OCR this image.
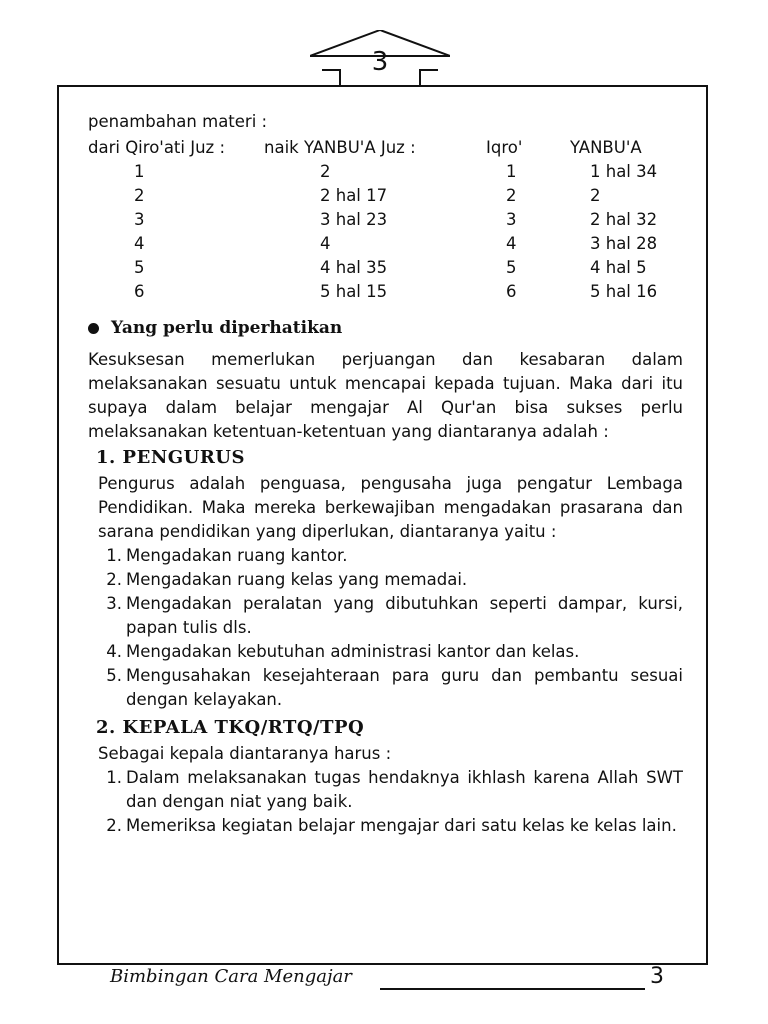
3
penambahan materi :
dari Qiro'ati Juz :	naik YANBU'A Juz :	Iqro'	YANBU'A
1	2	1	1 hal 34
2	2 hal 17	2	2
3	3 hal 23	3	2 hal 32
4	4	4	3 hal 28
5	4 hal 35	5	4 hal 5
6	5 hal 15	6	5 hal 16
Yang perlu diperhatikan
Kesuksesan memerlukan perjuangan dan kesabaran dalam melaksanakan sesuatu untuk mencapai kepada tujuan. Maka dari itu supaya dalam belajar mengajar Al Qur'an bisa sukses perlu melaksanakan ketentuan-ketentuan yang diantaranya adalah :
1. PENGURUS
Pengurus adalah penguasa, pengusaha juga pengatur Lembaga Pendidikan. Maka mereka berkewajiban mengadakan prasarana dan sarana pendidikan yang diperlukan, diantaranya yaitu :
1. Mengadakan ruang kantor.
2. Mengadakan ruang kelas yang memadai.
3. Mengadakan peralatan yang dibutuhkan seperti dampar, kursi, papan tulis dls.
4. Mengadakan kebutuhan administrasi kantor dan kelas.
5. Mengusahakan kesejahteraan para guru dan pembantu sesuai dengan kelayakan.
2. KEPALA TKQ/RTQ/TPQ
Sebagai kepala diantaranya harus :
1. Dalam melaksanakan tugas hendaknya ikhlash karena Allah SWT dan dengan niat yang baik.
2. Memeriksa kegiatan belajar mengajar dari satu kelas ke kelas lain.
Bimbingan Cara Mengajar	3
